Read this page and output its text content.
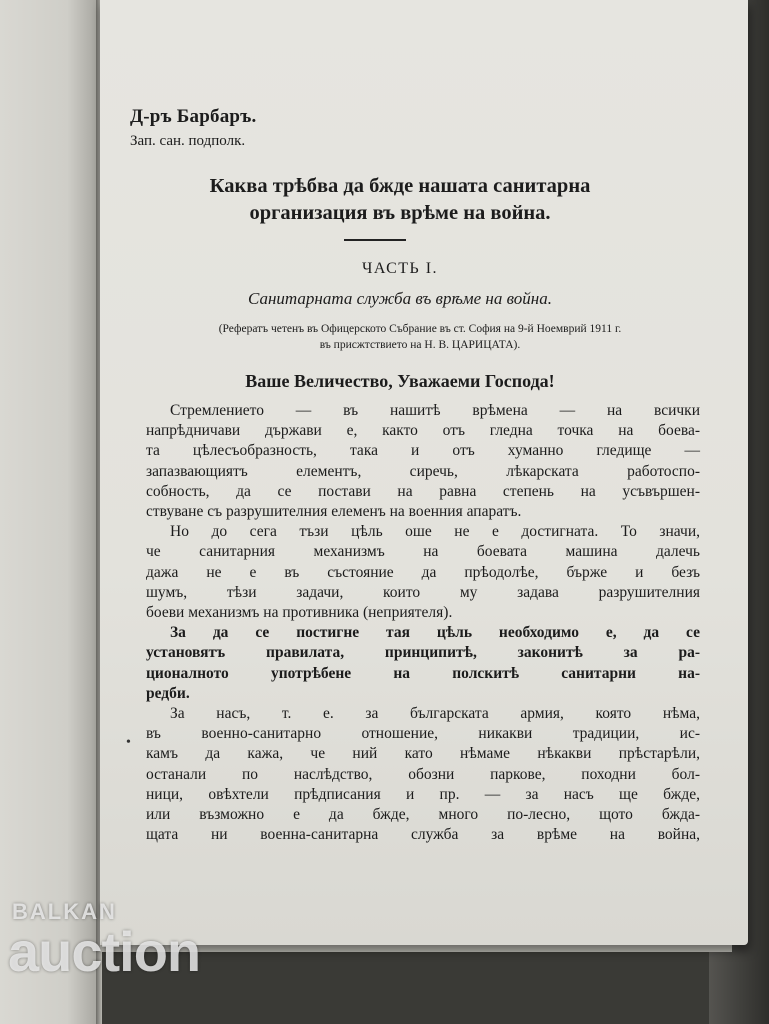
Д-ръ Барбаръ.
Зап. сан. подполк.
Каква трѣбва да бжде нашата санитарна
организация въ врѣме на война.
ЧАСТЬ I.
Санитарната служба въ врѣме на война.
(Рефератъ четенъ въ Офицерското Събрание въ ст. София на 9-й Ноемврий 1911 г.
въ присжтствието на Н. В. ЦАРИЦАТА).
Ваше Величество, Уважаеми Господа!
•
Стремлението — въ нашитѣ врѣмена — на всички
напрѣдничави държави е, както отъ гледна точка на боева-
та цѣлесъобразность, така и отъ хуманно гледище —
запазвающиятъ елементъ, сиречь, лѣкарската работоспо-
собность, да се постави на равна степень на усъвършен-
ствуване съ разрушителния елеменъ на военния апаратъ.
Но до сега тъзи цѣль оше не е достигната. То значи,
че санитарния механизмъ на боевата машина далечь
дажа не е въ състояние да прѣодолѣе, бърже и безъ
шумъ, тѣзи задачи, които му задава разрушителния
боеви механизмъ на противника (неприятеля).
За да се постигне тая цѣль необходимо е, да се
установятъ правилата, принципитѣ, законитѣ за ра-
ционалното употрѣбене на полскитѣ санитарни на-
редби.
За насъ, т. е. за българската армия, която нѣма,
въ военно-санитарно отношение, никакви традиции, ис-
камъ да кажа, че ний като нѣмаме нѣкакви прѣстарѣли,
останали по наслѣдство, обозни паркове, походни бол-
ници, овѣхтели прѣдписания и пр. — за насъ ще бжде,
или възможно е да бжде, много по-лесно, щото бжда-
щата ни военна-санитарна служба за врѣме на война,
BALKAN
auction
